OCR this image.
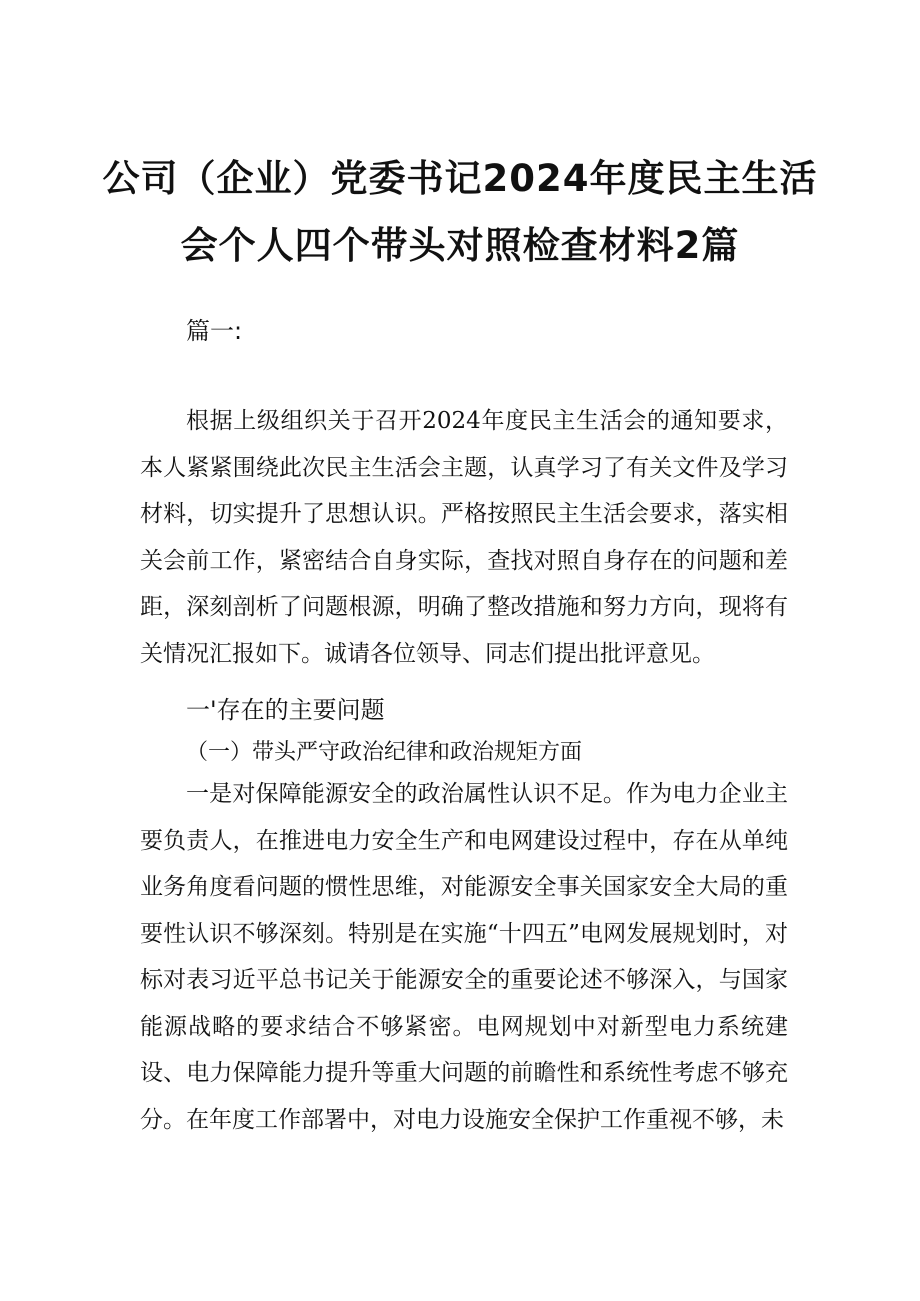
公司（企业）党委书记2024年度民主生活
会个人四个带头对照检查材料2篇
篇一:

根据上级组织关于召开2024年度民主生活会的通知要求，本人紧紧围绕此次民主生活会主题，认真学习了有关文件及学习材料，切实提升了思想认识。严格按照民主生活会要求，落实相关会前工作，紧密结合自身实际，查找对照自身存在的问题和差距，深刻剖析了问题根源，明确了整改措施和努力方向，现将有关情况汇报如下。诚请各位领导、同志们提出批评意见。

一'存在的主要问题
（一）带头严守政治纪律和政治规矩方面

一是对保障能源安全的政治属性认识不足。作为电力企业主要负责人，在推进电力安全生产和电网建设过程中，存在从单纯业务角度看问题的惯性思维，对能源安全事关国家安全大局的重要性认识不够深刻。特别是在实施“十四五”电网发展规划时，对标对表习近平总书记关于能源安全的重要论述不够深入，与国家能源战略的要求结合不够紧密。电网规划中对新型电力系统建设、电力保障能力提升等重大问题的前瞻性和系统性考虑不够充分。在年度工作部署中，对电力设施安全保护工作重视不够，未
